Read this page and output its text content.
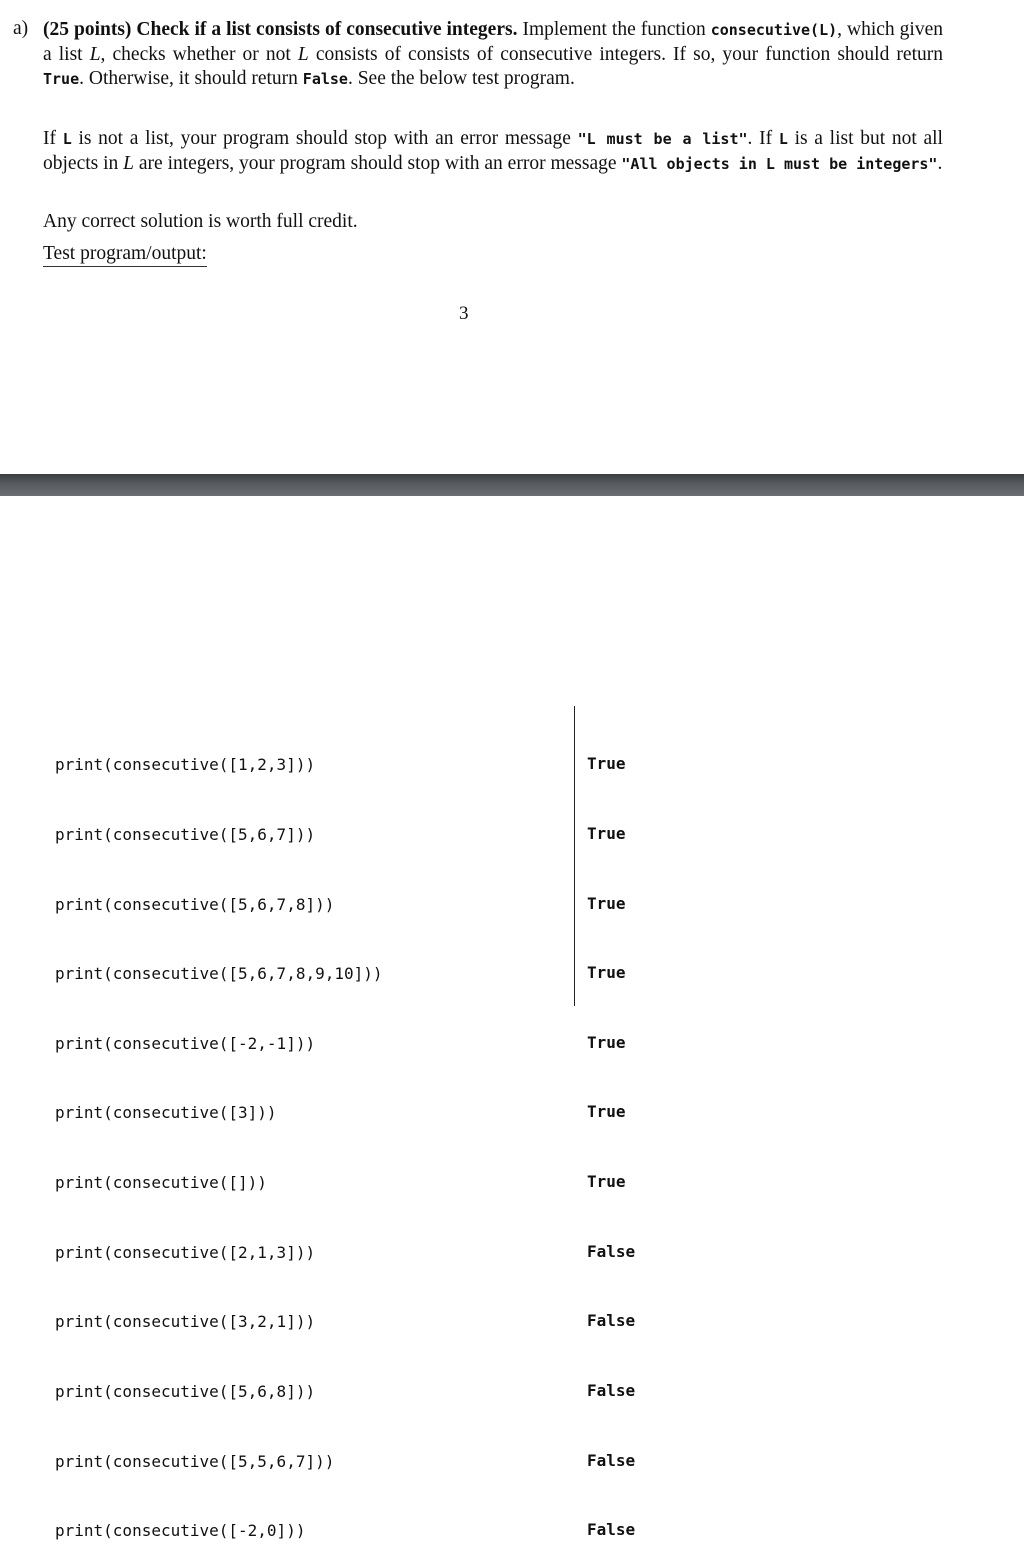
a) (25 points) Check if a list consists of consecutive integers. Implement the function consecutive(L), which given a list L, checks whether or not L consists of consists of consecutive integers. If so, your function should return True. Otherwise, it should return False. See the below test program.
If L is not a list, your program should stop with an error message "L must be a list". If L is a list but not all objects in L are integers, your program should stop with an error message "All objects in L must be integers".
Any correct solution is worth full credit.
Test program/output:
3

print(consecutive([1,2,3]))

print(consecutive([5,6,7]))

print(consecutive([5,6,7,8]))

print(consecutive([5,6,7,8,9,10]))

print(consecutive([-2,-1]))

print(consecutive([3]))

print(consecutive([]))

print(consecutive([2,1,3]))

print(consecutive([3,2,1]))

print(consecutive([5,6,8]))

print(consecutive([5,5,6,7]))

print(consecutive([-2,0]))

True

True

True

True

True

True

True

False

False

False

False

False
